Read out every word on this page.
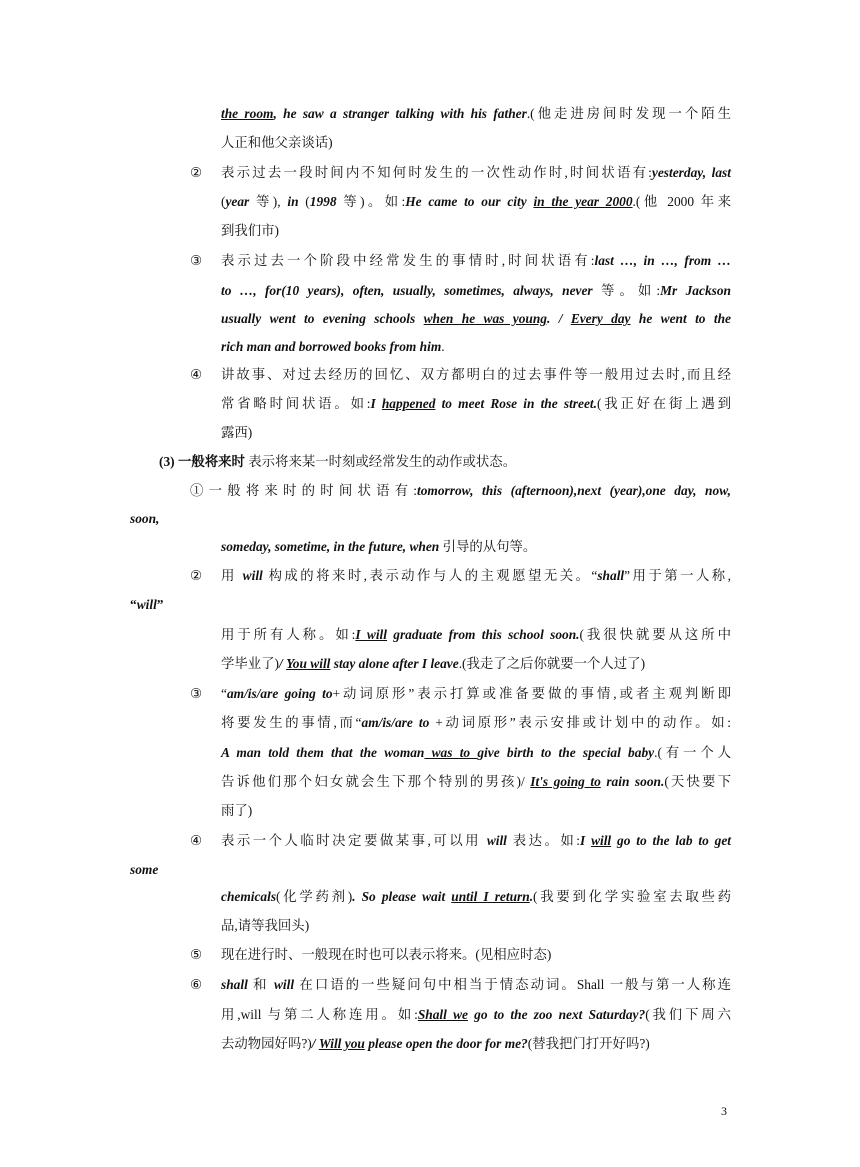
the room, he saw a stranger talking with his father.(他走进房间时发现一个陌生
人正和他父亲谈话)
② 表示过去一段时间内不知何时发生的一次性动作时,时间状语有:yesterday, last
(year 等), in (1998 等)。如:He came to our city in the year 2000.(他 2000 年来
到我们市)
③ 表示过去一个阶段中经常发生的事情时,时间状语有:last …, in …, from …
to …, for(10 years), often, usually, sometimes, always, never 等。如:Mr Jackson
usually went to evening schools when he was young. / Every day he went to the
rich man and borrowed books from him.
④ 讲故事、对过去经历的回忆、双方都明白的过去事件等一般用过去时,而且经
常省略时间状语。如:I happened to meet Rose in the street.(我正好在街上遇到
露西)
(3) 一般将来时 表示将来某一时刻或经常发生的动作或状态。
①一般将来时的时间状语有:tomorrow, this (afternoon),next (year),one day, now,
soon,
someday, sometime, in the future, when 引导的从句等。
② 用 will 构成的将来时,表示动作与人的主观愿望无关。“shall”用于第一人称,
“will”
用于所有人称。如:I will graduate from this school soon.(我很快就要从这所中
学毕业了)/ You will stay alone after I leave.(我走了之后你就要一个人过了)
③ “am/is/are going to+动词原形”表示打算或准备要做的事情,或者主观判断即
将要发生的事情,而“am/is/are to +动词原形”表示安排或计划中的动作。如:
A man told them that the woman was to give birth to the special baby.(有一个人
告诉他们那个妇女就会生下那个特别的男孩)/ It's going to rain soon.(天快要下
雨了)
④ 表示一个人临时决定要做某事,可以用 will 表达。如:I will go to the lab to get
some
chemicals(化学药剂). So please wait until I return.(我要到化学实验室去取些药
品,请等我回头)
⑤ 现在进行时、一般现在时也可以表示将来。(见相应时态)
⑥ shall 和 will 在口语的一些疑问句中相当于情态动词。Shall 一般与第一人称连
用,will 与第二人称连用。如:Shall we go to the zoo next Saturday?(我们下周六
去动物园好吗?)/ Will you please open the door for me?(替我把门打开好吗?)
3
